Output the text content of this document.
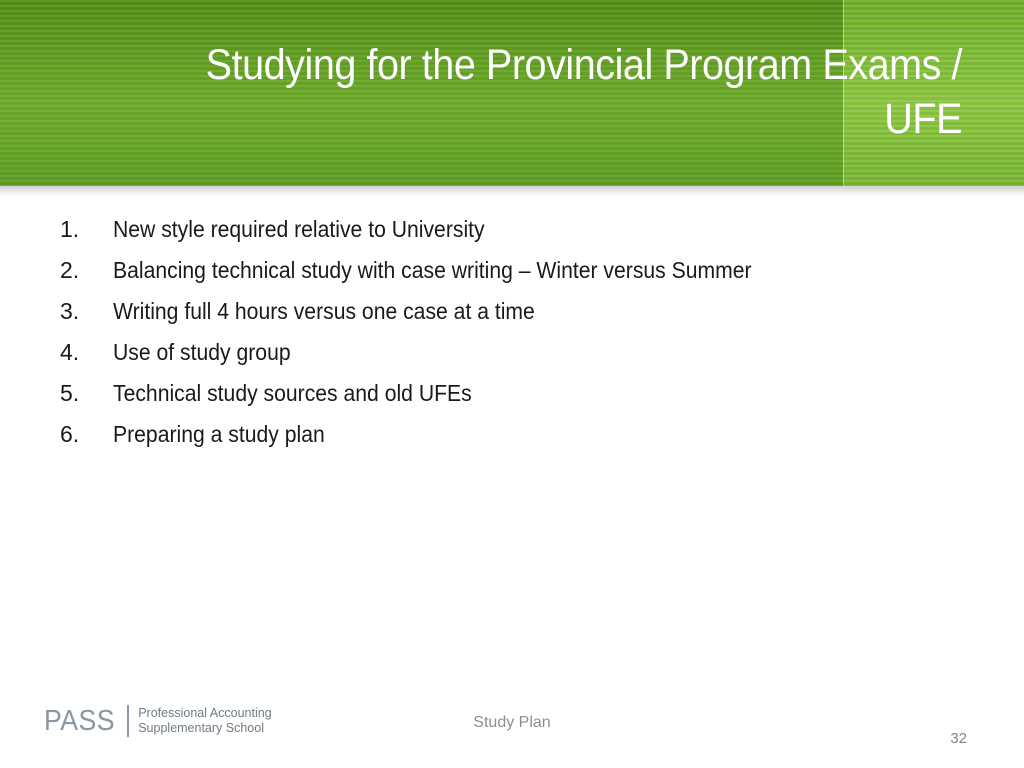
Studying for the Provincial Program Exams / UFE
1.	New style required relative to University
2.	Balancing technical study with case writing – Winter versus Summer
3.	Writing full 4 hours versus one case at a time
4.	Use of study group
5.	Technical study sources and old UFEs
6.	Preparing a study plan
PASS Professional Accounting
Supplementary School	Study Plan
32
